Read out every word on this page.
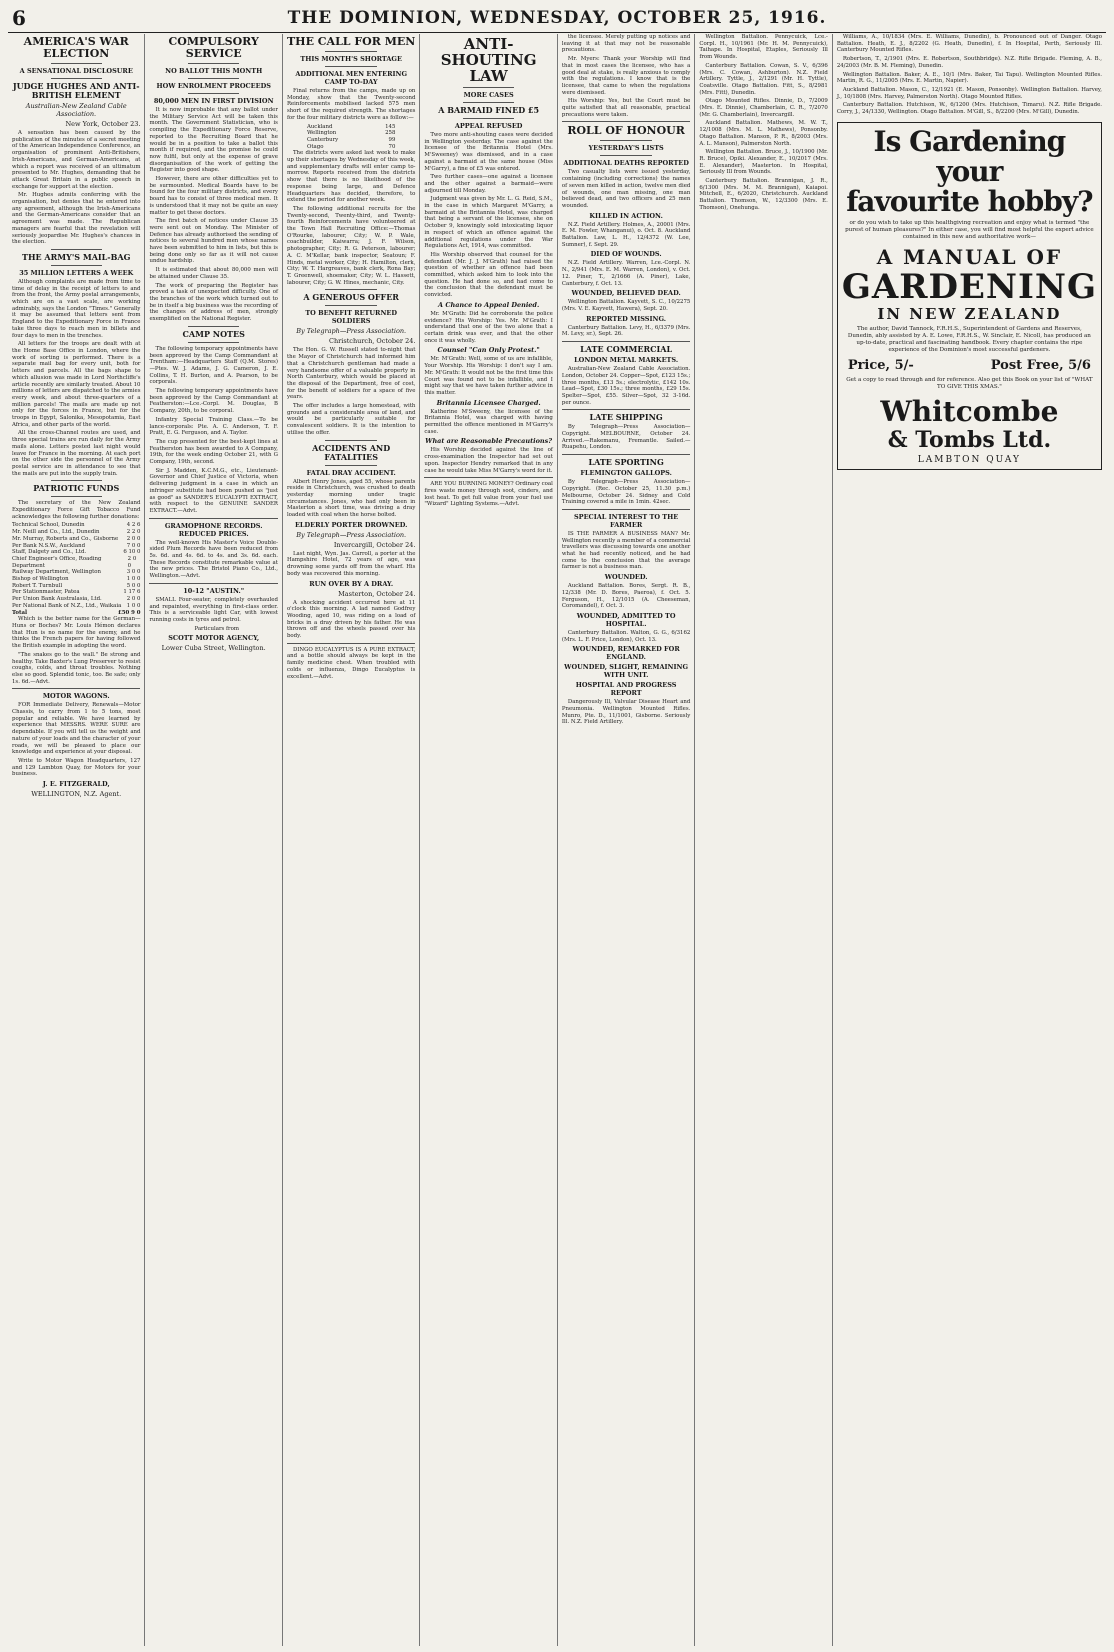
6	THE DOMINION, WEDNESDAY, OCTOBER 25, 1916.
AMERICA'S WAR ELECTION
A SENSATIONAL DISCLOSURE
JUDGE HUGHES AND ANTI-BRITISH ELEMENT
Australian-New Zealand Cable Association.
New York, October 23.

A sensation has been caused by the publication of the minutes of a secret meeting of the American Independence Conference, an organisation of prominent Anti-Britishers, Irish-Americans, and German-Americans, at which a report was received of an ultimatum presented to Mr. Hughes, demanding that he attack Great Britain in a public speech in exchange for support at the election.

Mr. Hughes admits conferring with the organisation, but denies that he entered into any agreement, although the Irish-Americans and the German-Americans consider that an agreement was made. The Republican managers are fearful that the revelation will seriously jeopardise Mr. Hughes's chances in the election.

THE ARMY'S MAIL-BAG
35 MILLION LETTERS A WEEK

Although complaints are made from time to time of delay in the receipt of letters to and from the front, the Army postal arrangements, which are on a vast scale, are working admirably, says the London "Times." Generally it may be assumed that letters sent from England to the Expeditionary Force in France take three days to reach men in billets and four days to men in the trenches.

All letters for the troops are dealt with at the Home Base Office in London, where the work of sorting is performed. There is a separate mail bag for every unit, both for letters and parcels. All the bags shape to which allusion was made in Lord Northcliffe's article recently are similarly treated. About 10 millions of letters are dispatched to the armies every week, and about three-quarters of a million parcels! The mails are made up not only for the forces in France, but for the troops in Egypt, Salonika, Mesopotamia, East Africa, and other parts of the world.

All the cross-Channel routes are used, and three special trains are run daily for the Army mails alone. Letters posted last night would leave for France in the morning. At each port on the other side the personnel of the Army postal service are in attendance to see that the mails are put into the supply train.

PATRIOTIC FUNDS

The secretary of the New Zealand Expeditionary Force Gift Tobacco Fund acknowledges the following further donations:

Technical School, Dunedin	4 2 6
Mr. Neill and Co., Ltd., Dunedin	2 2 0
Mr. Murray, Roberts and Co., Gisborne 2 0 0
Per Bank N.S.W., Auckland	7 0 0
Staff, Dalgety and Co., Ltd.	6 10 0
Chief Engineer's Office, Roading Department
2 0 0
Railway Department, Wellington	3 0 0
Bishop of Wellington	1 0 0
Robert T. Turnbull	5 0 0
Per Stationmaster, Patea	1 17 6
Per Union Bank Australasia, Ltd.	2 0 0
Per National Bank of N.Z., Ltd., Waikaia 1 0 0
Total	£50 9 0

Which is the better name for the German—Huns or Boches? Mr. Louis Hémon declares that Hun is no name for the enemy, and he thinks the French papers for having followed the British example in adopting the word.

"The snakes go to the wall." Be strong and healthy. Take Baxter's Lung Preserver to resist coughs, colds, and throat troubles. Nothing else so good. Splendid tonic, too. Be safe; only 1s. 6d.—Advt.

MOTOR WAGONS.

FOR Immediate Delivery, Renewals—Motor Chassis, to carry from 1 to 5 tons, most popular and reliable. We have learned by experience that MESSRS. WERE SURE are dependable. If you will tell us the weight and nature of your loads and the character of your roads, we will be pleased to place our knowledge and experience at your disposal.

Write to Motor Wagon Headquarters, 127 and 129 Lambton Quay, for Motors for your business.

J. E. FITZGERALD,
WELLINGTON, N.Z. Agent.
COMPULSORY SERVICE
NO BALLOT THIS MONTH
HOW ENROLMENT PROCEEDS
80,000 MEN IN FIRST DIVISION

It is now improbable that any ballot under the Military Service Act will be taken this month. The Government Statistician, who is compiling the Expeditionary Force Reserve, reported to the Recruiting Board that he would be in a position to take a ballot this month if required, and the promise he could now fulfil, but only at the expense of grave disorganisation of the work of getting the Register into good shape.

However, there are other difficulties yet to be surmounted. Medical Boards have to be found for the four military districts, and every board has to consist of three medical men. It is understood that it may not be quite an easy matter to get these doctors.

The first batch of notices under Clause 35 were sent out on Monday. The Minister of Defence has already authorised the sending of notices to several hundred men whose names have been submitted to him in lists, but this is being done only so far as it will not cause undue hardship.

It is estimated that about 80,000 men will be attained under Clause 35.

The work of preparing the Register has proved a task of unexpected difficulty. One of the branches of the work which turned out to be in itself a big business was the recording of the changes of address of men, strongly exemplified on the National Register.

CAMP NOTES

The following temporary appointments have been approved by the Camp Commandant at Trentham:—Headquarters Staff (Q.M. Stores)—Ptes. W. J. Adams, J. G. Cameron, J. E. Collins, T. H. Burton, and A. Pearson, to be corporals.

The following temporary appointments have been approved by the Camp Commandant at Featherston:—Lce.-Corpl. M. Douglas, B Company, 20th, to be corporal.

Infantry Special Training Class.—To be lance-corporals: Pte. A. C. Anderson, T. F. Pratt, E. G. Ferguson, and A. Taylor.

The cup presented for the best-kept lines at Featherston has been awarded to A Company, 19th, for the week ending October 21, with G Company, 19th, second.

Sir J. Madden, K.C.M.G., etc., Lieutenant-Governor and Chief Justice of Victoria, when delivering judgment in a case in which an infringer substitute had been pushed as "just as good" as SANDER'S EUCALYPTI EXTRACT, with respect to the GENUINE SANDER EXTRACT.—Advt.

GRAMOPHONE RECORDS. REDUCED PRICES.

The well-known His Master's Voice Double-sided Plum Records have been reduced from 5s. 6d. and 4s. 6d. to 4s. and 3s. 6d. each. These Records constitute remarkable value at the new prices. The Bristol Piano Co., Ltd., Wellington.—Advt.

10-12 "AUSTIN."

SMALL Four-seater, completely overhauled and repainted, everything in first-class order. This is a serviceable light Car, with lowest running costs in tyres and petrol.

Particulars from

SCOTT MOTOR AGENCY,
Lower Cuba Street, Wellington.
THE CALL FOR MEN
THIS MONTH'S SHORTAGE
ADDITIONAL MEN ENTERING CAMP TO-DAY

Final returns from the camps, made up on Monday, show that the Twenty-second Reinforcements mobilised lacked 575 men short of the required strength. The shortages for the four military districts were as follow:—

Auckland	145
Wellington	258
Canterbury	99
Otago	70

The districts were asked last week to make up their shortages by Wednesday of this week, and supplementary drafts will enter camp to-morrow. Reports received from the districts show that there is no likelihood of the response being large, and Defence Headquarters has decided, therefore, to extend the period for another week.

The following additional recruits for the Twenty-second, Twenty-third, and Twenty-fourth Reinforcements have volunteered at the Town Hall Recruiting Office:—Thomas O'Rourke, labourer, City; W. P. Wale, coachbuilder, Kaiwarra; J. F. Wilson, photographer, City; R. G. Peterson, labourer; A. C. M'Kellar, bank inspector, Seatoun; F. Hinds, metal worker, City; H. Hamilton, clerk, City; W. T. Hargreaves, bank clerk, Rona Bay; T. Greenwell, shoemaker, City; W. L. Hassett, labourer, City; G. W. Hines, mechanic, City.

A GENEROUS OFFER
TO BENEFIT RETURNED SOLDIERS
By Telegraph—Press Association.
Christchurch, October 24.

The Hon. G. W. Russell stated to-night that the Mayor of Christchurch had informed him that a Christchurch gentleman had made a very handsome offer of a valuable property in North Canterbury, which would be placed at the disposal of the Department, free of cost, for the benefit of soldiers for a space of five years.

The offer includes a large homestead, with grounds and a considerable area of land, and would be particularly suitable for convalescent soldiers. It is the intention to utilise the offer.

ACCIDENTS AND FATALITIES
FATAL DRAY ACCIDENT.

Albert Henry Jones, aged 55, whose parents reside in Christchurch, was crushed to death yesterday morning under tragic circumstances. Jones, who had only been in Masterton a short time, was driving a dray loaded with coal when the horse bolted.

ELDERLY PORTER DROWNED.
By Telegraph—Press Association.
Invercargill, October 24.

Last night, Wyn. Jas. Carroll, a porter at the Hampshire Hotel, 72 years of age, was drowning some yards off from the wharf. His body was recovered this morning.

RUN OVER BY A DRAY.
Masterton, October 24.

A shocking accident occurred here at 11 o'clock this morning. A lad named Godfrey Wooding, aged 10, was riding on a load of bricks in a dray driven by his father. He was thrown off and the wheels passed over his body.

DINGO EUCALYPTUS IS A PURE EXTRACT, and a bottle should always be kept in the family medicine chest. When troubled with colds or influenza, Dingo Eucalyptus is excellent.—Advt.

ANTI-SHOUTING LAW
MORE CASES
A BARMAID FINED £5
APPEAL REFUSED

Two more anti-shouting cases were decided in Wellington yesterday. The case against the licensee of the Britannia Hotel (Mrs. M'Sweeney) was dismissed, and in a case against a barmaid at the same house (Miss M'Garry), a fine of £5 was entered.

Two further cases—one against a licensee and the other against a barmaid—were adjourned till Monday.

Judgment was given by Mr. L. G. Reid, S.M., in the case in which Margaret M'Garry, a barmaid at the Britannia Hotel, was charged that being a servant of the licensee, she on October 9, knowingly sold intoxicating liquor in respect of which an offence against the additional regulations under the War Regulations Act, 1914, was committed.

His Worship observed that counsel for the defendant (Mr. J. J. M'Grath) had raised the question of whether an offence had been committed, which asked him to look into the question. He had done so, and had come to the conclusion that the defendant must be convicted.

A Chance to Appeal Denied.

Mr. M'Grath: Did he corroborate the police evidence? His Worship: Yes. Mr. M'Grath: I understand that one of the two alone that a certain drink was ever, and that the other once it was wholly.

Counsel "Can Only Protest."

Mr. M'Grath: Well, some of us are infallible, Your Worship. His Worship: I don't say I am. Mr. M'Grath: It would not be the first time this Court was found not to be infallible, and I might say that we have taken further advice in this matter.

Britannia Licensee Charged.

Katherine M'Sweeny, the licensee of the Britannia Hotel, was charged with having permitted the offence mentioned in M'Garry's case.

What are Reasonable Precautions?

His Worship decided against the line of cross-examination the Inspector had set out upon. Inspector Hendry remarked that in any case he would take Miss M'Garry's word for it.

ARE YOU BURNING MONEY? Ordinary coal fires waste money through soot, cinders, and lost heat. To get full value from your fuel use "Wizard" Lighting Systems.—Advt.

the licensee. Merely putting up notices and leaving it at that may not be reasonable precautions.

Mr. Myers: Thank your Worship will find that in most cases the licensee, who has a good deal at stake, is really anxious to comply with the regulations. I know that is the licensee, that came to when the regulations were dismissed.

His Worship: Yes, but the Court must be quite satisfied that all reasonable, practical precautions were taken.

ROLL OF HONOUR
YESTERDAY'S LISTS
ADDITIONAL DEATHS REPORTED

Two casualty lists were issued yesterday, containing (including corrections) the names of seven men killed in action, twelve men died of wounds, one man missing, one man believed dead, and two officers and 25 men wounded.

KILLED IN ACTION.

N.Z. Field Artillery. Holmes, A., 20001 (Mrs. E. M. Fowler, Whanganui), o. Oct. 8. Auckland Battalion. Law, L. H., 12/4372 (W. Lee, Sumner), f. Sept. 29.

DIED OF WOUNDS.

N.Z. Field Artillery. Warren, Lce.-Corpl. N. N., 2/941 (Mrs. E. M. Warren, London), v. Oct. 12. Piner, T., 2/1666 (A. Piner), Lake, Canterbury, f. Oct. 13.

WOUNDED, BELIEVED DEAD.

Wellington Battalion. Kayvett, S. C., 10/2275 (Mrs. V. E. Kayvett, Hawera), Sept. 20.

REPORTED MISSING.

Canterbury Battalion. Levy, H., 6/3379 (Mrs. M. Levy, sr.), Sept. 26.

LATE COMMERCIAL
LONDON METAL MARKETS.

Australian-New Zealand Cable Association. London, October 24. Copper—Spot, £123 15s.; three months, £13 5s.; electrolytic, £142 10s. Lead—Spot, £30 15s.; three months, £29 15s. Spelter—Spot, £55. Silver—Spot, 32 3-16d. per ounce.

LATE SHIPPING

By Telegraph—Press Association—Copyright. MELBOURNE, October 24. Arrived.—Rakemanu, Fremantle. Sailed.—Ruapehu, London.

LATE SPORTING
FLEMINGTON GALLOPS.

By Telegraph—Press Association—Copyright. (Rec. October 25, 11.30 p.m.) Melbourne, October 24. Sidney and Cold Training covered a mile in 1min. 42sec.

SPECIAL INTEREST TO THE FARMER

IS THE FARMER A BUSINESS MAN? Mr. Wellington recently a member of a commercial travellers was discussing towards one another what he had recently noticed, and he had come to the conclusion that the average farmer is not a business man.

WOUNDED.

Auckland Battalion. Bores, Sergt. R. B., 12/338 (Mr. D. Bores, Paeroa), f. Oct. 5. Ferguson, H., 12/1015 (A. Cheeseman, Coromandel), f. Oct. 3.

WOUNDED, ADMITTED TO HOSPITAL.

Canterbury Battalion. Walton, G. G., 6/3162 (Mrs. L. F. Price, London), Oct. 13.

WOUNDED, REMARKED FOR ENGLAND.
WOUNDED, SLIGHT, REMAINING WITH UNIT.
HOSPITAL AND PROGRESS REPORT

Dangerously Ill, Valvular Disease Heart and Pneumonia. Wellington Mounted Rifles. Munro, Pte. D., 11/1001, Gisborne. Seriously Ill. N.Z. Field Artillery.

Wellington Battalion. Pennycuick, Lce.-Corpl. H., 10/1961 (Mr. H. M. Pennycuick), Taihape. In Hospital, Etaples, Seriously Ill from Wounds.

Canterbury Battalion. Cowan, S. V., 6/396 (Mrs. C. Cowan, Ashburton). N.Z. Field Artillery. Tyttle, J., 2/1291 (Mr. H. Tyttle), Coatsville. Otago Battalion. Fitt, S., 8/2981 (Mrs. Fitt), Dunedin.

Otago Mounted Rifles. Dinnie, D., 7/2009 (Mrs. E. Dinnie), Chamberlain, C. R., 7/2070 (Mr. G. Chamberlain), Invercargill.

Auckland Battalion. Mathews, M. W. T., 12/1008 (Mrs. M. L. Mathews), Ponsonby. Otago Battalion. Manson, P. R., 8/2003 (Mrs. A. L. Manson), Palmerston North.

Wellington Battalion. Bruce, J., 10/1900 (Mr. R. Bruce), Opiki. Alexander, E., 10/2017 (Mrs. E. Alexander), Masterton. In Hospital, Seriously Ill from Wounds.

Canterbury Battalion. Brannigan, J. R., 6/1300 (Mrs. M. M. Brannigan), Kaiapoi. Mitchell, E., 6/2020, Christchurch. Auckland Battalion. Thomson, W., 12/3300 (Mrs. E. Thomson), Onehunga.

Williams, A., 10/1834 (Mrs. E. Williams, Dunedin), b. Pronounced out of Danger. Otago Battalion. Heath, E. J., 8/2202 (G. Heath, Dunedin), f. In Hospital, Perth, Seriously Ill. Canterbury Mounted Rifles.

Robertson, T., 2/1901 (Mrs. E. Robertson, Southbridge). N.Z. Rifle Brigade. Fleming, A. B., 24/2003 (Mr. B. M. Fleming), Dunedin.

Wellington Battalion. Baker, A. E., 10/1 (Mrs. Baker, Tai Tapu). Wellington Mounted Rifles. Martin, R. G., 11/2005 (Mrs. E. Martin, Napier).

Auckland Battalion. Mason, C., 12/1921 (E. Mason, Ponsonby). Wellington Battalion. Harvey, J., 10/1808 (Mrs. Harvey, Palmerston North). Otago Mounted Rifles.

Canterbury Battalion. Hutchison, W., 6/1200 (Mrs. Hutchison, Timaru). N.Z. Rifle Brigade. Corry, J., 24/1330, Wellington. Otago Battalion. M'Gill, S., 8/2200 (Mrs. M'Gill), Dunedin.

Is Gardening your
favourite hobby?
or do you wish to take up this healthgiving recreation and enjoy what is termed "the purest of human pleasures?" In either case, you will find most helpful the expert advice contained in this new and authoritative work—
A MANUAL OF
GARDENING
IN NEW ZEALAND
The author, David Tannock, F.R.H.S., Superintendent of Gardens and Reserves, Dunedin, ably assisted by A. E. Lowe, F.R.H.S., W. Sinclair, E. Nicoll, has produced an up-to-date, practical and fascinating handbook. Every chapter contains the ripe experience of the Dominion's most successful gardeners.
Price, 5/-	Post Free, 5/6
Get a copy to read through and for reference. Also get this Book on your list of "WHAT TO GIVE THIS XMAS."
Whitcombe
& Tombs Ltd.
LAMBTON QUAY
